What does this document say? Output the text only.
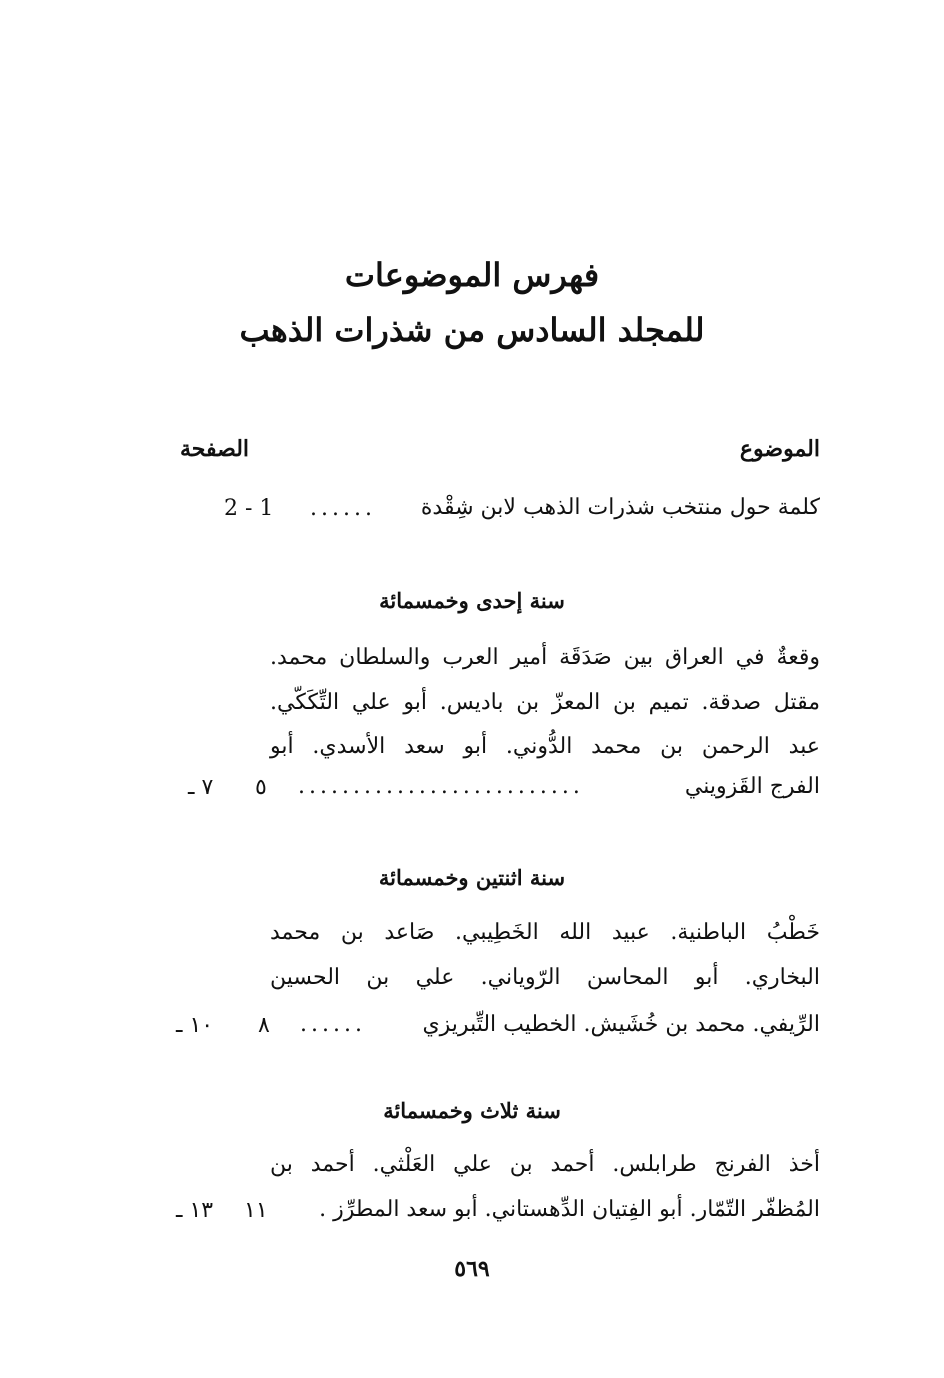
فهرس الموضوعات
للمجلد السادس من شذرات الذهب
الموضوع
الصفحة
كلمة حول منتخب شذرات الذهب لابن شِقْدة
......
2 - 1
سنة إحدى وخمسمائة
وقعةٌ في العراق بين صَدَقَة أمير العرب والسلطان محمد.
مقتل صدقة. تميم بن المعزّ بن باديس. أبو علي التِّكَكّي.
عبد الرحمن بن محمد الدُّوني. أبو سعد الأسدي. أبو
الفرج القَزويني
..........................
٥
٧ ـ
سنة اثنتين وخمسمائة
خَطْبُ الباطنية. عبيد الله الخَطِيبي. صَاعد بن محمد
البخاري. أبو المحاسن الرّوياني. علي بن الحسين
الرِّيفي. محمد بن خُشَيش. الخطيب التِّبريزي
......
٨
١٠ ـ
سنة ثلاث وخمسمائة
أخذ الفرنج طرابلس. أحمد بن علي العَلْثي. أحمد بن
المُظفّر التّمّار. أبو الفِتيان الدِّهستاني. أبو سعد المطرِّز .
١١
١٣ ـ
٥٦٩
